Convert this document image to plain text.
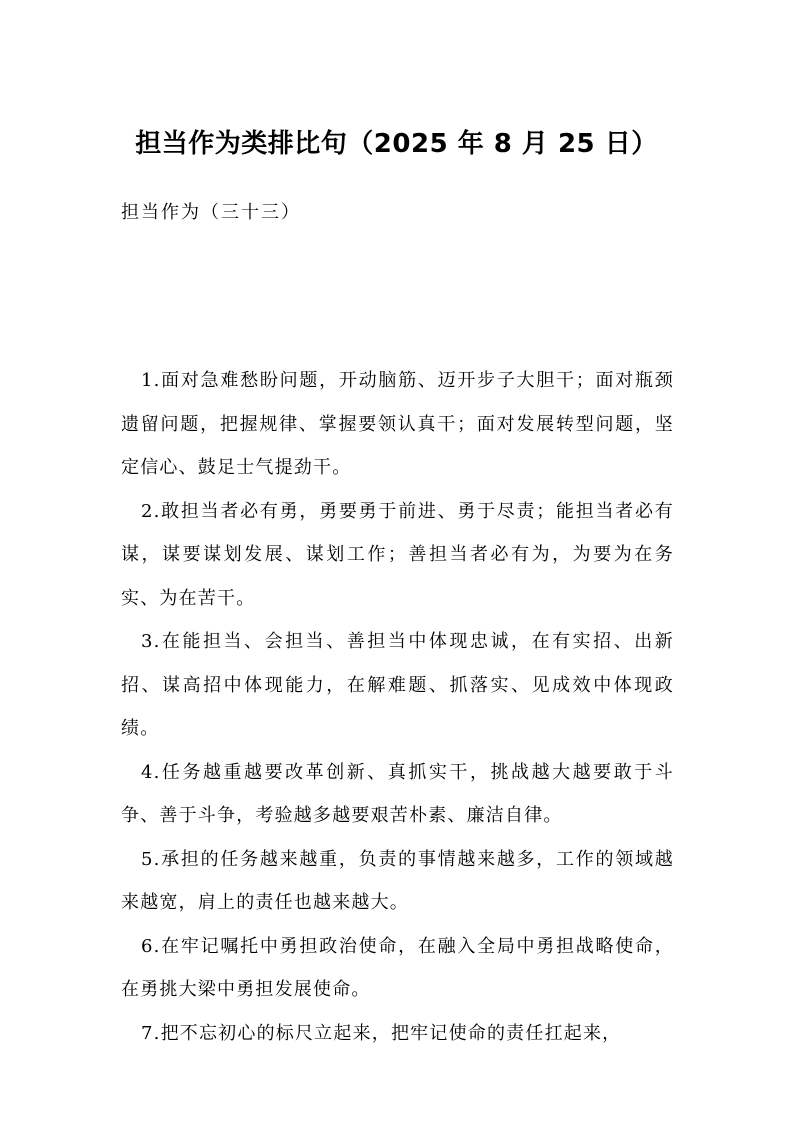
担当作为类排比句（2025 年 8 月 25 日）
担当作为（三十三）

1.面对急难愁盼问题，开动脑筋、迈开步子大胆干；面对瓶颈遗留问题，把握规律、掌握要领认真干；面对发展转型问题，坚定信心、鼓足士气提劲干。

2.敢担当者必有勇，勇要勇于前进、勇于尽责；能担当者必有谋，谋要谋划发展、谋划工作；善担当者必有为，为要为在务实、为在苦干。

3.在能担当、会担当、善担当中体现忠诚，在有实招、出新招、谋高招中体现能力，在解难题、抓落实、见成效中体现政绩。

4.任务越重越要改革创新、真抓实干，挑战越大越要敢于斗争、善于斗争，考验越多越要艰苦朴素、廉洁自律。

5.承担的任务越来越重，负责的事情越来越多，工作的领域越来越宽，肩上的责任也越来越大。

6.在牢记嘱托中勇担政治使命，在融入全局中勇担战略使命，在勇挑大梁中勇担发展使命。

7.把不忘初心的标尺立起来，把牢记使命的责任扛起来，
